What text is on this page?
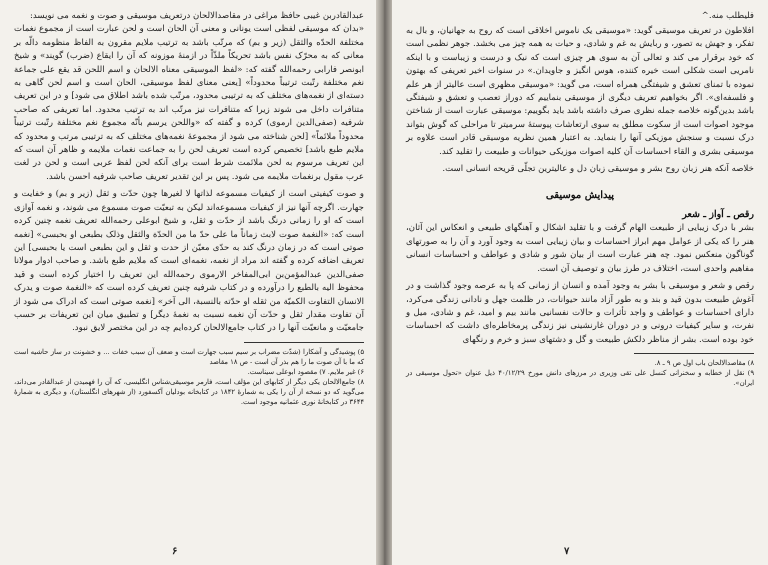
عبدالقادربن غیبی حافظ مراغی در مقاصدالالحان درتعریف موسیقی و صوت و نغمه می نویسد:

«بدان که موسیقی لفظی است یونانی و معنی آن الحان است و لحن عبارت است از مجموع نغمات مختلفة الحدّه والثقل (زیر و بم) که مرتّب باشد به ترتیب ملایم مقرون به الفاظ منظومه دالّه بر معانی که به محرّک نفس باشد تحریکاً ملذّاً در ازمنهٔ موزونه که آن را ایقاع (ضرب) گویند» و شیخ ابونصر فارابی رحمه‌الله گفته که: «لفظ الموسیقی معناه الالحان و اسم اللحن قد یقع علی جماعة نغم مختلفة رتّبت ترتیباً محدوداً» [یعنی معنای لفظ موسیقی، الحان است و اسم لحن گاهی به دسته‌ای از نغمه‌های مختلف که به ترتیبی محدود، مرتّب شده باشد اطلاق می شود] و در این تعریف متنافرات داخل می شوند زیرا که متنافرات نیز مرتّب اند به ترتیب محدود. اما تعریفی که صاحب شرفیه (صفی‌الدین ارموی) کرده و گفته که «واللحن یرسم بأنّه مجموع نغم مختلفة رتّبت ترتیباً محدوداً ملائماً» [لحن شناخته می شود از مجموعهٔ نغمه‌های مختلف که به ترتیبی مرتب و محدود که ملایم طبع باشد] تخصیص کرده است تعریف لحن را به جماعت نغمات ملایمه و ظاهر آن است که این تعریف مرسوم به لحن ملائمت شرط است برای آنکه لحن لفظ عربی است و لحن در لغت عرب مقول برنغمات ملایمه می شود. پس بر این تقدیر تعریف صاحب شرفیه احسن باشد.

و صوت کیفیتی است از کیفیات مسموعه لذاتها لا لغیرها چون حدّت و ثقل (زیر و بم) و خفایت و جهارت. اگرچه آنها نیز از کیفیات مسموعه‌اند لیکن به تبعیّت صوت مسموع می شوند، و نغمه آوازی است که او را زمانی درنگ باشد از حدّت و ثقل، و شیخ ابوعلی رحمه‌الله تعریف نغمه چنین کرده است که: «النغمة صوت لابث زماناً ما علی حدّ ما من الحدّة والثقل وذلک بطبعی او بحبسی» [نغمه صوتی است که در زمان درنگ کند به حدّی معیّن از حدت و ثقل و این بطبعی است یا بحبسی] این تعریف اضافه کرده و گفته اند مراد از نغمه، نغمه‌ای است که ملایم طبع باشد. و صاحب ادوار مولانا صفی‌الدین عبدالمؤمن‌بن ابی‌المفاخر الارموی رحمه‌الله این تعریف را اختیار کرده است و قید محفوظ الیه بالطبع را درآورده و در کتاب شرفیه چنین تعریف کرده است که «النغمة صوت و یدرک الانسان التفاوت الکمیّة من ثقله او حدّته بالنسبة، الی آخر» [نغمه صوتی است که ادراک می شود از آن تفاوت مقدار ثقل و حدّت آن نغمه نسبت به نغمهٔ دیگر] و تطبیق میان این تعریفات بر حسب جامعیّت و مانعیّت آنها را در کتاب جامع‌الالحان کرده‌ایم چه در این مختصر لایق نبود.

۵) پوشیدگی و آشکارا (شدّت مضراب بر سیم سبب جهارت است و ضعف آن سبب خفات ... و خشونت در ساز حاشیه است که ما با آن صوت ما را هم بذر آن است - ص ۱۸ مقاصد

۶) غیر ملایم. ۷) مقصود ابوعلی سیناست.

۸) جامع‌الالحان یکی دیگر از کتابهای این مؤلف است، فارمر موسیقی‌شناس انگلیسی، که آن را فهمیدن از عبدالقادر می‌داند، می‌گوید که دو نسخه از آن را یکی به شمارهٔ ۱۸۴۲ در کتابخانه بودلیان آکسفورد (از شهرهای انگلستان)، و دیگری به شمارهٔ ۳۶۴۴ در کتابخانهٔ نوری عثمانیه موجود است.

۶

فلیطلب منه.^

افلاطون در تعریف موسیقی گوید: «موسیقی یک ناموس اخلاقی است که روح به جهانیان، و بال به تفکر، و جهش به تصور، و ربایش به غم و شادی، و حیات به همه چیز می بخشد. جوهر نظمی است که خود برقرار می کند و تعالی آن به سوی هر چیزی است که نیک و درست و زیباست و با اینکه نامریی است شکلی است خیره کننده، هوس انگیز و جاویدان.» در سنوات اخیر تعریفی که بهتون نموده با تمنای تعشق و شیفتگی همراه است، می گوید: «موسیقی مظهری است عالیتر از هر علم و فلسفه‌ای». اگر بخواهیم تعریف دیگری از موسیقی بنماییم که دوراز تعصب و تعشق و شیفتگی باشد بدین‌گونه خلاصه جمله نظری صرف داشته باشد باید بگوییم: موسیقی عبارت است از شناختن موجود اصوات است از سکوت مطلق به سوی ارتعاشات پیوستهٔ سرمیتر تا مراحلی که گوش بتواند درک نسبت و سنجش موزیکی آنها را بنماید. به اعتبار همین نظریه موسیقی قادر است علاوه بر موسیقی بشری و القاء احساسات آن کلیه اصوات موزیکی حیوانات و طبیعت را تقلید کند.

خلاصه آنکه هنر زبان روح بشر و موسیقی زبان دل و عالیترین تجلّی قریحه انسانی است.

پیدایش موسیقی
رقص ـ آواز ـ شعر

بشر با درک زیبایی از طبیعت الهام گرفت و با تقلید اشکال و آهنگهای طبیعی و انعکاس این آثان، هنر را که یکی از عوامل مهم ابراز احساسات و بیان زیبایی است به وجود آورد و آن را به صورتهای گوناگون منعکس نمود. چه هنر عبارت است از بیان شور و شادی و عواطف و احساسات انسانی مفاهیم واحدی است، اختلاف در طرز بیان و توصیف آن است.

رقص و شعر و موسیقی با بشر به وجود آمده و انسان از زمانی که پا به عرصه وجود گذاشت و در آغوش طبیعت بدون قید و بند و به طور آزاد مانند حیوانات، در ظلمت جهل و نادانی زندگی می‌کرد، دارای احساسات و عواطف و واجد تأثرات و حالات نفسانیی مانند بیم و امید، غم و شادی، میل و نفرت، و سایر کیفیات درونی و در دوران غارنشینی نیز زندگی پرمخاطره‌ای داشت که احساسات خود بوده است. بشر از مناظر دلکش طبیعت و گل و دشتهای سبز و خرم و رنگهای

۸) مقاصدالالحان باب اول ص ۹ ـ ۸.

۹) نقل از خطابه و سخنرانی کنسل علی تقی وزیری در مرزهای دانش مورخ ۴۰/۱۲/۲۹ ذیل عنوان «تحول موسیقی در ایران».

۷
